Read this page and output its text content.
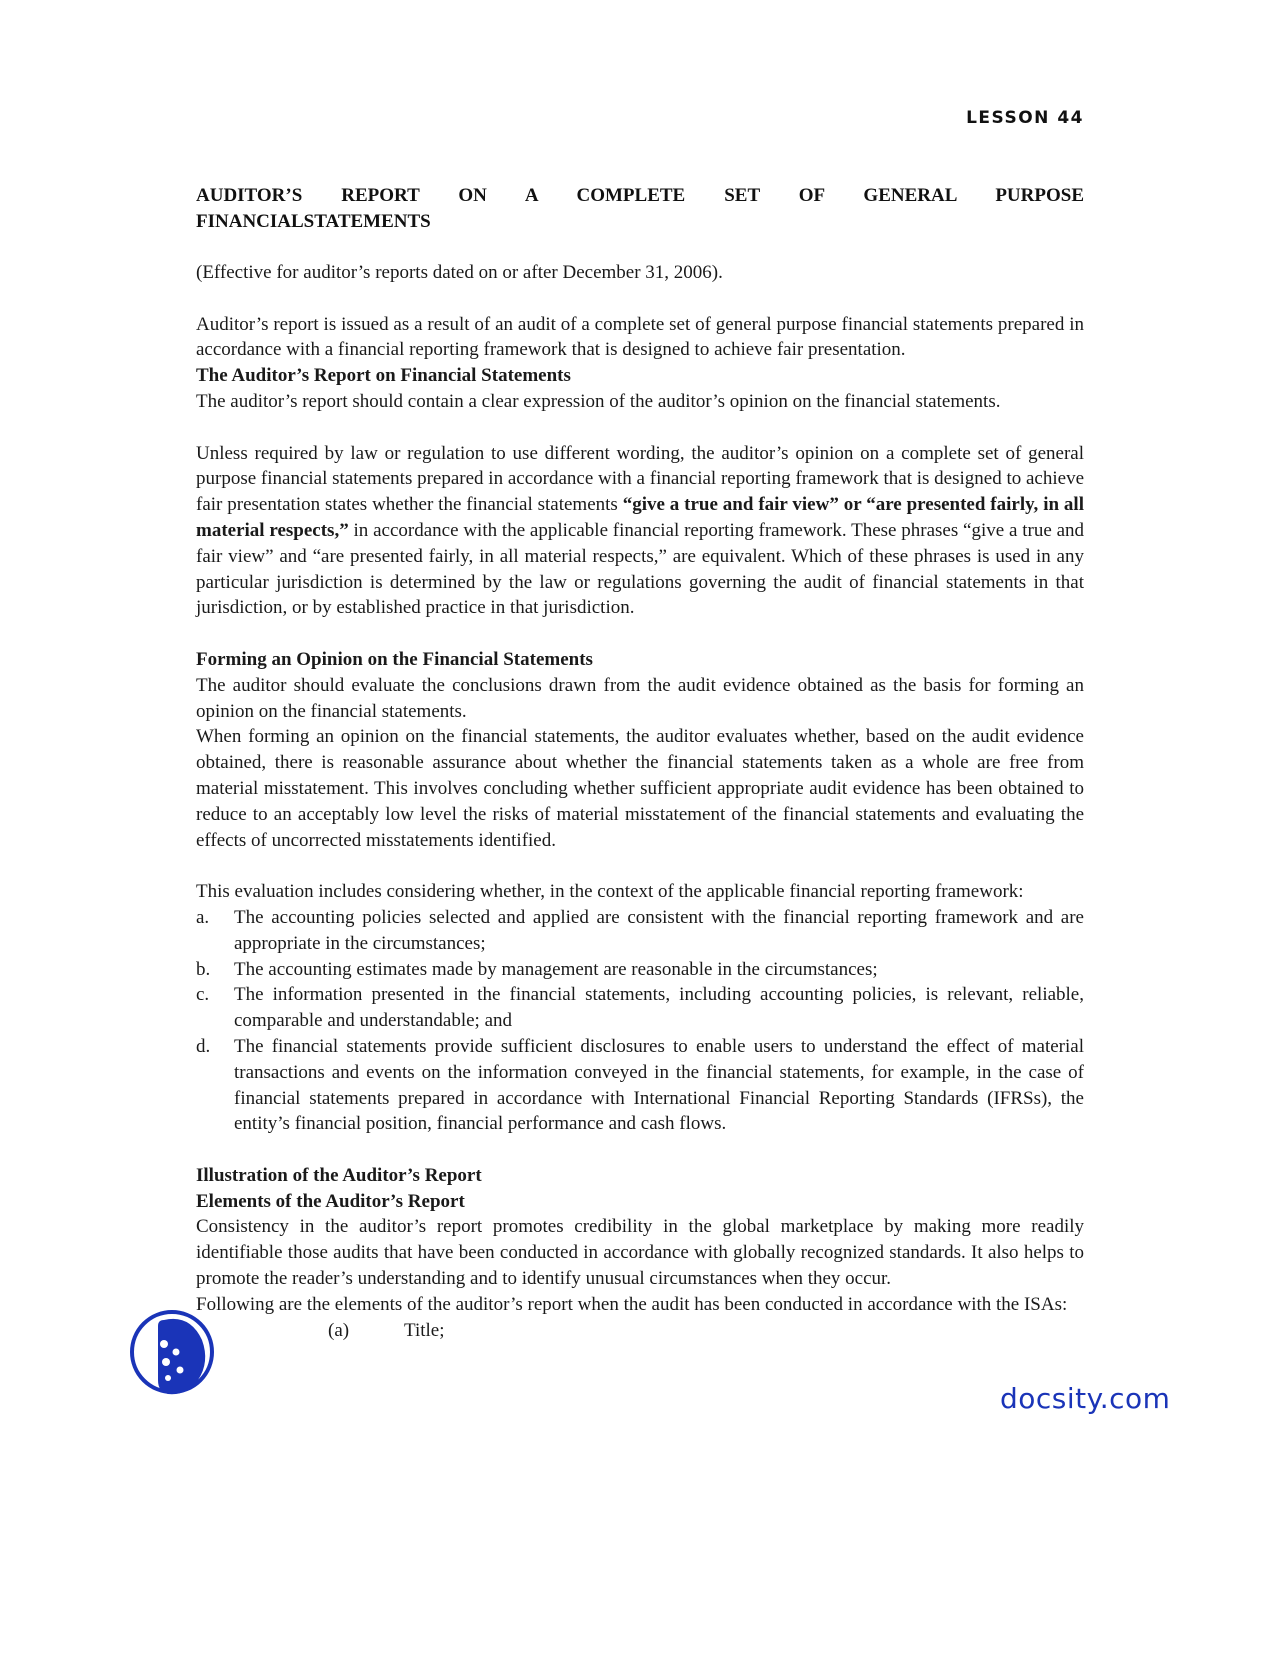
LESSON 44
AUDITOR’S REPORT ON A COMPLETE SET OF GENERAL PURPOSE
FINANCIALSTATEMENTS

(Effective for auditor’s reports dated on or after December 31, 2006).

Auditor’s report is issued as a result of an audit of a complete set of general purpose financial statements prepared in accordance with a financial reporting framework that is designed to achieve fair presentation.

The Auditor’s Report on Financial Statements

The auditor’s report should contain a clear expression of the auditor’s opinion on the financial statements.

Unless required by law or regulation to use different wording, the auditor’s opinion on a complete set of general purpose financial statements prepared in accordance with a financial reporting framework that is designed to achieve fair presentation states whether the financial statements “give a true and fair view” or “are presented fairly, in all material respects,” in accordance with the applicable financial reporting framework. These phrases “give a true and fair view” and “are presented fairly, in all material respects,” are equivalent. Which of these phrases is used in any particular jurisdiction is determined by the law or regulations governing the audit of financial statements in that jurisdiction, or by established practice in that jurisdiction.

Forming an Opinion on the Financial Statements

The auditor should evaluate the conclusions drawn from the audit evidence obtained as the basis for forming an opinion on the financial statements.

When forming an opinion on the financial statements, the auditor evaluates whether, based on the audit evidence obtained, there is reasonable assurance about whether the financial statements taken as a whole are free from material misstatement. This involves concluding whether sufficient appropriate audit evidence has been obtained to reduce to an acceptably low level the risks of material misstatement of the financial statements and evaluating the effects of uncorrected misstatements identified.

This evaluation includes considering whether, in the context of the applicable financial reporting framework:

a. The accounting policies selected and applied are consistent with the financial reporting framework and are appropriate in the circumstances;
b. The accounting estimates made by management are reasonable in the circumstances;
c. The information presented in the financial statements, including accounting policies, is relevant, reliable, comparable and understandable; and
d. The financial statements provide sufficient disclosures to enable users to understand the effect of material transactions and events on the information conveyed in the financial statements, for example, in the case of financial statements prepared in accordance with International Financial Reporting Standards (IFRSs), the entity’s financial position, financial performance and cash flows.

Illustration of the Auditor’s Report

Elements of the Auditor’s Report

Consistency in the auditor’s report promotes credibility in the global marketplace by making more readily identifiable those audits that have been conducted in accordance with globally recognized standards. It also helps to promote the reader’s understanding and to identify unusual circumstances when they occur.

Following are the elements of the auditor’s report when the audit has been conducted in accordance with the ISAs:

(a)	Title;
docsity.com
